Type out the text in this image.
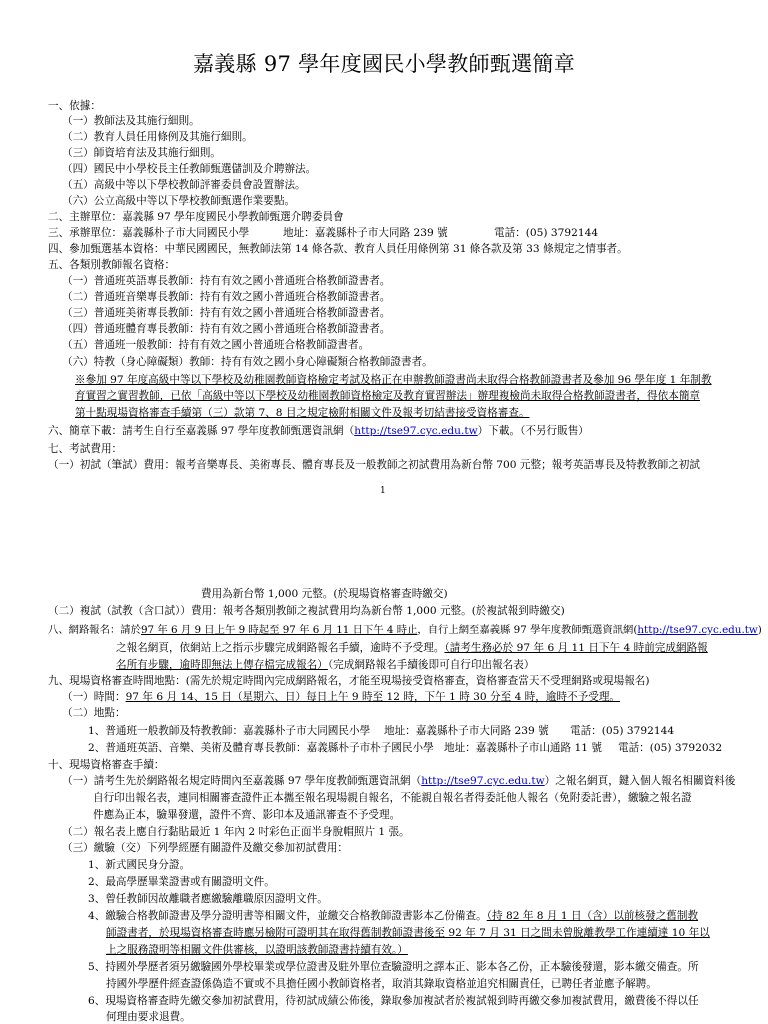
嘉義縣 97 學年度國民小學教師甄選簡章
一、依據：
（一）教師法及其施行細則。
（二）教育人員任用條例及其施行細則。
（三）師資培育法及其施行細則。
（四）國民中小學校長主任教師甄選儲訓及介聘辦法。
（五）高級中等以下學校教師評審委員會設置辦法。
（六）公立高級中等以下學校教師甄選作業要點。
二、主辦單位：嘉義縣 97 學年度國民小學教師甄選介聘委員會
三、承辦單位：嘉義縣朴子市大同國民小學	地址：嘉義縣朴子市大同路 239 號	電話：(05) 3792144
四、參加甄選基本資格：中華民國國民，無教師法第 14 條各款、教育人員任用條例第 31 條各款及第 33 條規定之情事者。
五、各類別教師報名資格：
（一）普通班英語專長教師：持有有效之國小普通班合格教師證書者。
（二）普通班音樂專長教師：持有有效之國小普通班合格教師證書者。
（三）普通班美術專長教師：持有有效之國小普通班合格教師證書者。
（四）普通班體育專長教師：持有有效之國小普通班合格教師證書者。
（五）普通班一般教師：持有有效之國小普通班合格教師證書者。
（六）特教（身心障礙類）教師：持有有效之國小身心障礙類合格教師證書者。
※參加 97 年度高級中等以下學校及幼稚園教師資格檢定考試及格正在申辦教師證書尚未取得合格教師證書者及參加 96 學年度 1 年制教
育實習之實習教師，已依「高級中等以下學校及幼稚園教師資格檢定及教育實習辦法」辦理複檢尚未取得合格教師證書者，得依本簡章
第十點現場資格審查手續第（三）款第 7、8 目之規定檢附相關文件及報考切結書接受資格審查。
六、簡章下載：請考生自行至嘉義縣 97 學年度教師甄選資訊網（http://tse97.cyc.edu.tw）下載。（不另行販售）
七、考試費用：
（一）初試（筆試）費用：報考音樂專長、美術專長、體育專長及一般教師之初試費用為新台幣 700 元整；報考英語專長及特教教師之初試
1
費用為新台幣 1,000 元整。(於現場資格審查時繳交)
（二）複試（試教（含口試））費用：報考各類別教師之複試費用均為新台幣 1,000 元整。(於複試報到時繳交)
八、網路報名：請於97 年 6 月 9 日上午 9 時起至 97 年 6 月 11 日下午 4 時止，自行上網至嘉義縣 97 學年度教師甄選資訊網(http://tse97.cyc.edu.tw)
之報名網頁，依網站上之指示步驟完成網路報名手續，逾時不予受理。（請考生務必於 97 年 6 月 11 日下午 4 時前完成網路報
名所有步驟，逾時即無法上傳存檔完成報名）（完成網路報名手續後即可自行印出報名表）
九、現場資格審查時間地點：(需先於規定時間內完成網路報名，才能至現場接受資格審查，資格審查當天不受理網路或現場報名)
（一）時間：97 年 6 月 14、15 日（星期六、日）每日上午 9 時至 12 時，下午 1 時 30 分至 4 時，逾時不予受理。
（二）地點：
1、普通班一般教師及特教教師：嘉義縣朴子市大同國民小學 地址：嘉義縣朴子市大同路 239 號 電話：(05) 3792144
2、普通班英語、音樂、美術及體育專長教師：嘉義縣朴子市朴子國民小學 地址：嘉義縣朴子市山通路 11 號 電話：(05) 3792032
十、現場資格審查手續：
（一）請考生先於網路報名規定時間內至嘉義縣 97 學年度教師甄選資訊網（http://tse97.cyc.edu.tw）之報名網頁，鍵入個人報名相關資料後
自行印出報名表，連同相關審查證件正本攜至報名現場親自報名，不能親自報名者得委託他人報名（免附委託書），繳驗之報名證
件應為正本，驗畢發還，證件不齊、影印本及通訊審查不予受理。
（二）報名表上應自行黏貼最近 1 年內 2 吋彩色正面半身脫帽照片 1 張。
（三）繳驗（交）下列學經歷有關證件及繳交參加初試費用：
1、新式國民身分證。
2、最高學歷畢業證書或有關證明文件。
3、曾任教師因故離職者應繳驗離職原因證明文件。
4、繳驗合格教師證書及學分證明書等相關文件，並繳交合格教師證書影本乙份備查。（持 82 年 8 月 1 日（含）以前核發之舊制教
師證書者，於現場資格審查時應另檢附可證明其在取得舊制教師證書後至 92 年 7 月 31 日之間未曾脫離教學工作連續達 10 年以
上之服務證明等相關文件供審核，以證明該教師證書持續有效。）
5、持國外學歷者須另繳驗國外學校畢業或學位證書及駐外單位查驗證明之譯本正、影本各乙份，正本驗後發還，影本繳交備查。所
持國外學歷件經查證係偽造不實或不具擔任國小教師資格者，取消其錄取資格並追究相關責任，已聘任者並應予解聘。
6、現場資格審查時先繳交參加初試費用，待初試成績公佈後，錄取參加複試者於複試報到時再繳交參加複試費用，繳費後不得以任
何理由要求退費。
